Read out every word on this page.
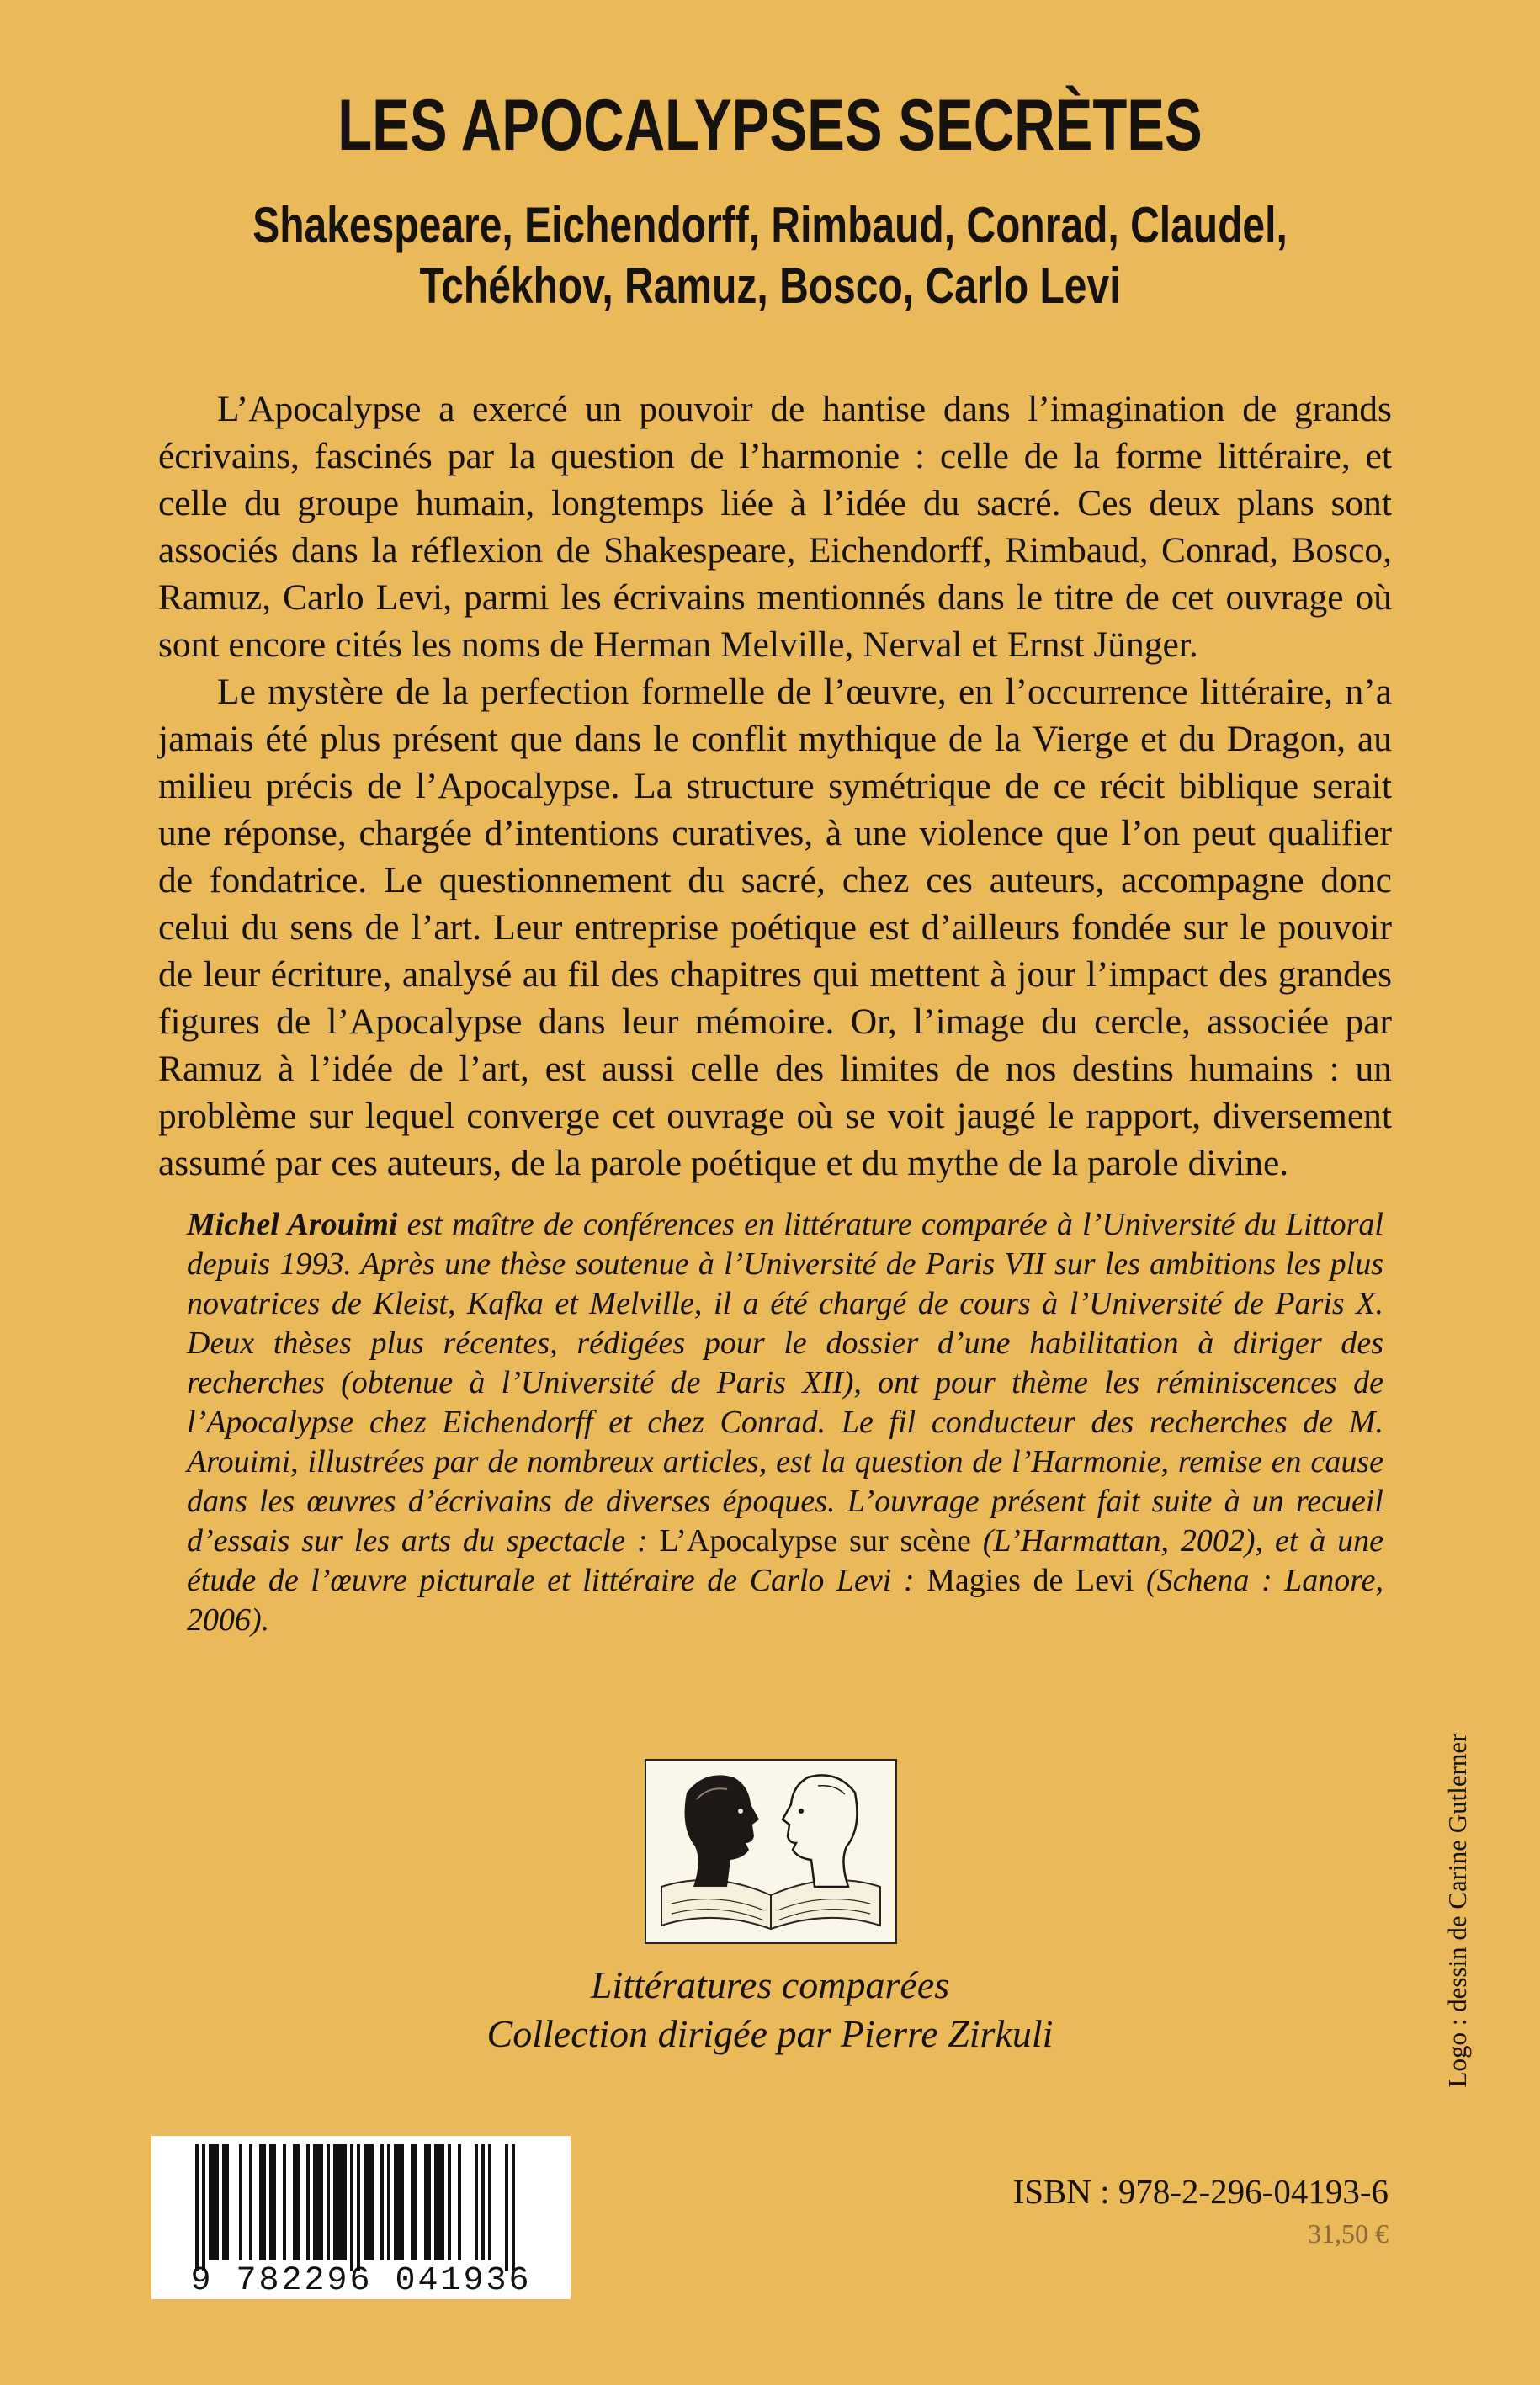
LES APOCALYPSES SECRÈTES
Shakespeare, Eichendorff, Rimbaud, Conrad, Claudel,
Tchékhov, Ramuz, Bosco, Carlo Levi

L’Apocalypse a exercé un pouvoir de hantise dans l’imagination de grands écrivains, fascinés par la question de l’harmonie : celle de la forme littéraire, et celle du groupe humain, longtemps liée à l’idée du sacré. Ces deux plans sont associés dans la réflexion de Shakespeare, Eichendorff, Rimbaud, Conrad, Bosco, Ramuz, Carlo Levi, parmi les écrivains mentionnés dans le titre de cet ouvrage où sont encore cités les noms de Herman Melville, Nerval et Ernst Jünger.

Le mystère de la perfection formelle de l’œuvre, en l’occurrence littéraire, n’a jamais été plus présent que dans le conflit mythique de la Vierge et du Dragon, au milieu précis de l’Apocalypse. La structure symétrique de ce récit biblique serait une réponse, chargée d’intentions curatives, à une violence que l’on peut qualifier de fondatrice. Le questionnement du sacré, chez ces auteurs, accompagne donc celui du sens de l’art. Leur entreprise poétique est d’ailleurs fondée sur le pouvoir de leur écriture, analysé au fil des chapitres qui mettent à jour l’impact des grandes figures de l’Apocalypse dans leur mémoire. Or, l’image du cercle, associée par Ramuz à l’idée de l’art, est aussi celle des limites de nos destins humains : un problème sur lequel converge cet ouvrage où se voit jaugé le rapport, diversement assumé par ces auteurs, de la parole poétique et du mythe de la parole divine.

Michel Arouimi est maître de conférences en littérature comparée à l’Université du Littoral depuis 1993. Après une thèse soutenue à l’Université de Paris VII sur les ambitions les plus novatrices de Kleist, Kafka et Melville, il a été chargé de cours à l’Université de Paris X. Deux thèses plus récentes, rédigées pour le dossier d’une habilitation à diriger des recherches (obtenue à l’Université de Paris XII), ont pour thème les réminiscences de l’Apocalypse chez Eichendorff et chez Conrad. Le fil conducteur des recherches de M. Arouimi, illustrées par de nombreux articles, est la question de l’Harmonie, remise en cause dans les œuvres d’écrivains de diverses époques. L’ouvrage présent fait suite à un recueil d’essais sur les arts du spectacle : L’Apocalypse sur scène (L’Harmattan, 2002), et à une étude de l’œuvre picturale et littéraire de Carlo Levi : Magies de Levi (Schena : Lanore, 2006).
Littératures comparées
Collection dirigée par Pierre Zirkuli	Logo : dessin de Carine Gutlerner
9 782296 041936
ISBN : 978-2-296-04193-6
31,50 €
